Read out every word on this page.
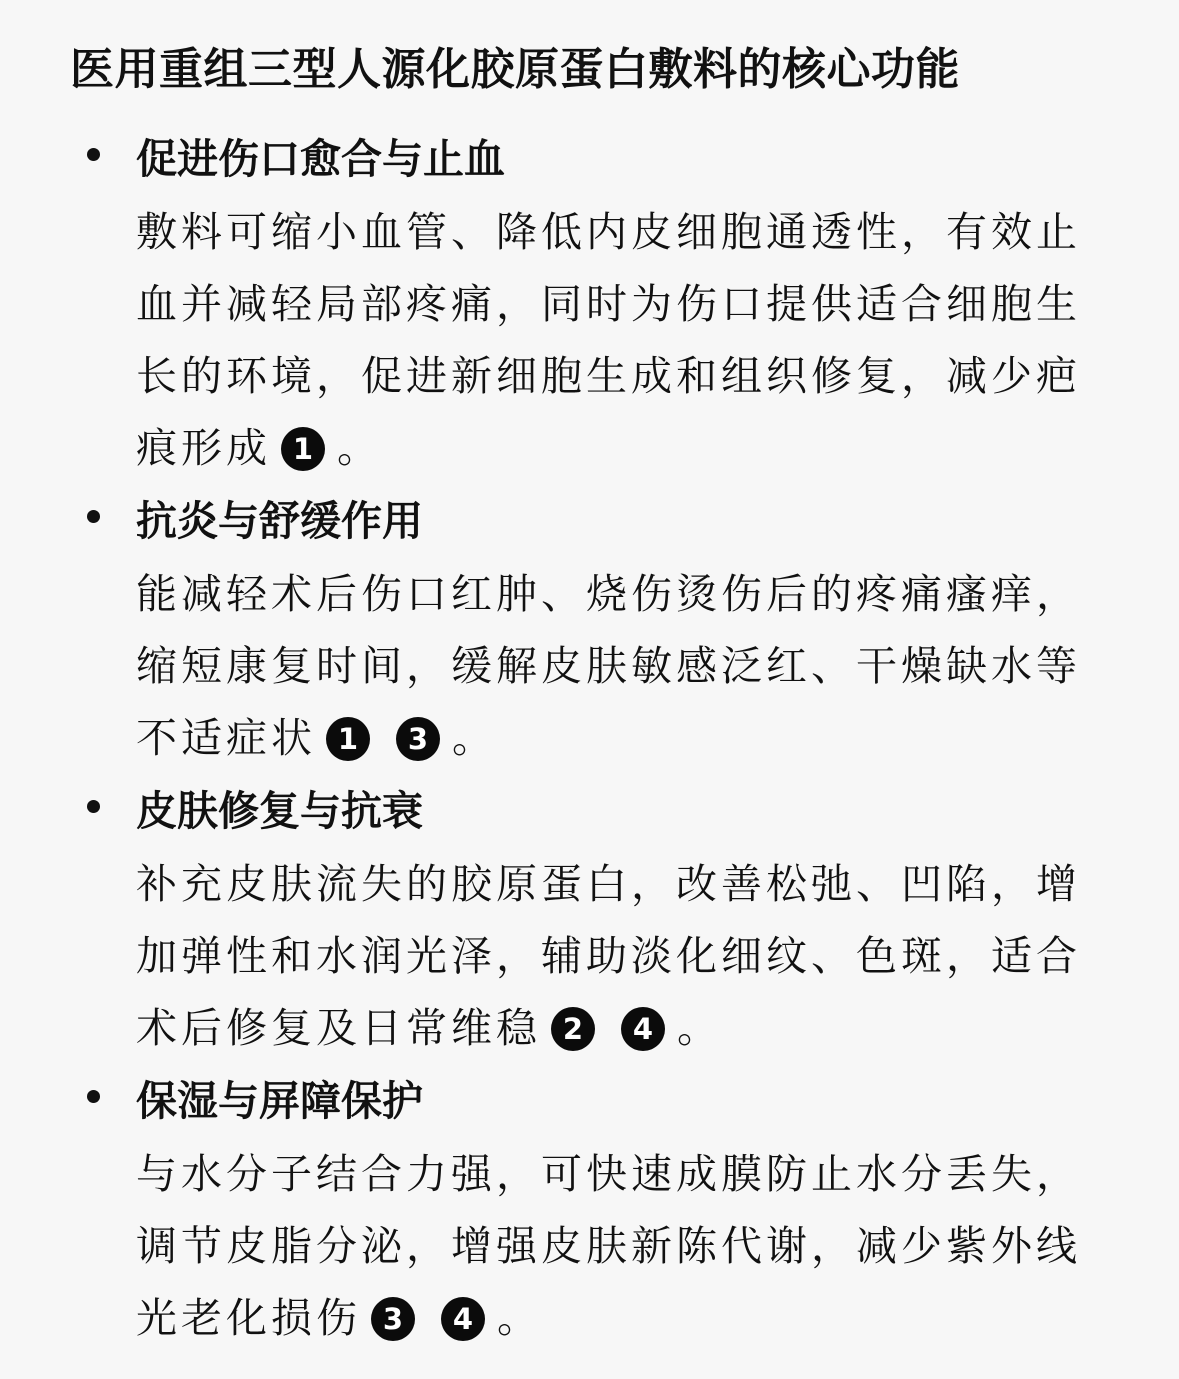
医用重组三型人源化胶原蛋白敷料的核心功能
促进伤口愈合与止血
敷料可缩小血管、降低内皮细胞通透性，有效止血并减轻局部疼痛，同时为伤口提供适合细胞生长的环境，促进新细胞生成和组织修复，减少疤痕形成 1 。
抗炎与舒缓作用
能减轻术后伤口红肿、烧伤烫伤后的疼痛瘙痒，缩短康复时间，缓解皮肤敏感泛红、干燥缺水等不适症状 1 3 。
皮肤修复与抗衰
补充皮肤流失的胶原蛋白，改善松弛、凹陷，增加弹性和水润光泽，辅助淡化细纹、色斑，适合术后修复及日常维稳 2 4 。
保湿与屏障保护
与水分子结合力强，可快速成膜防止水分丢失，调节皮脂分泌，增强皮肤新陈代谢，减少紫外线光老化损伤 3 4 。
